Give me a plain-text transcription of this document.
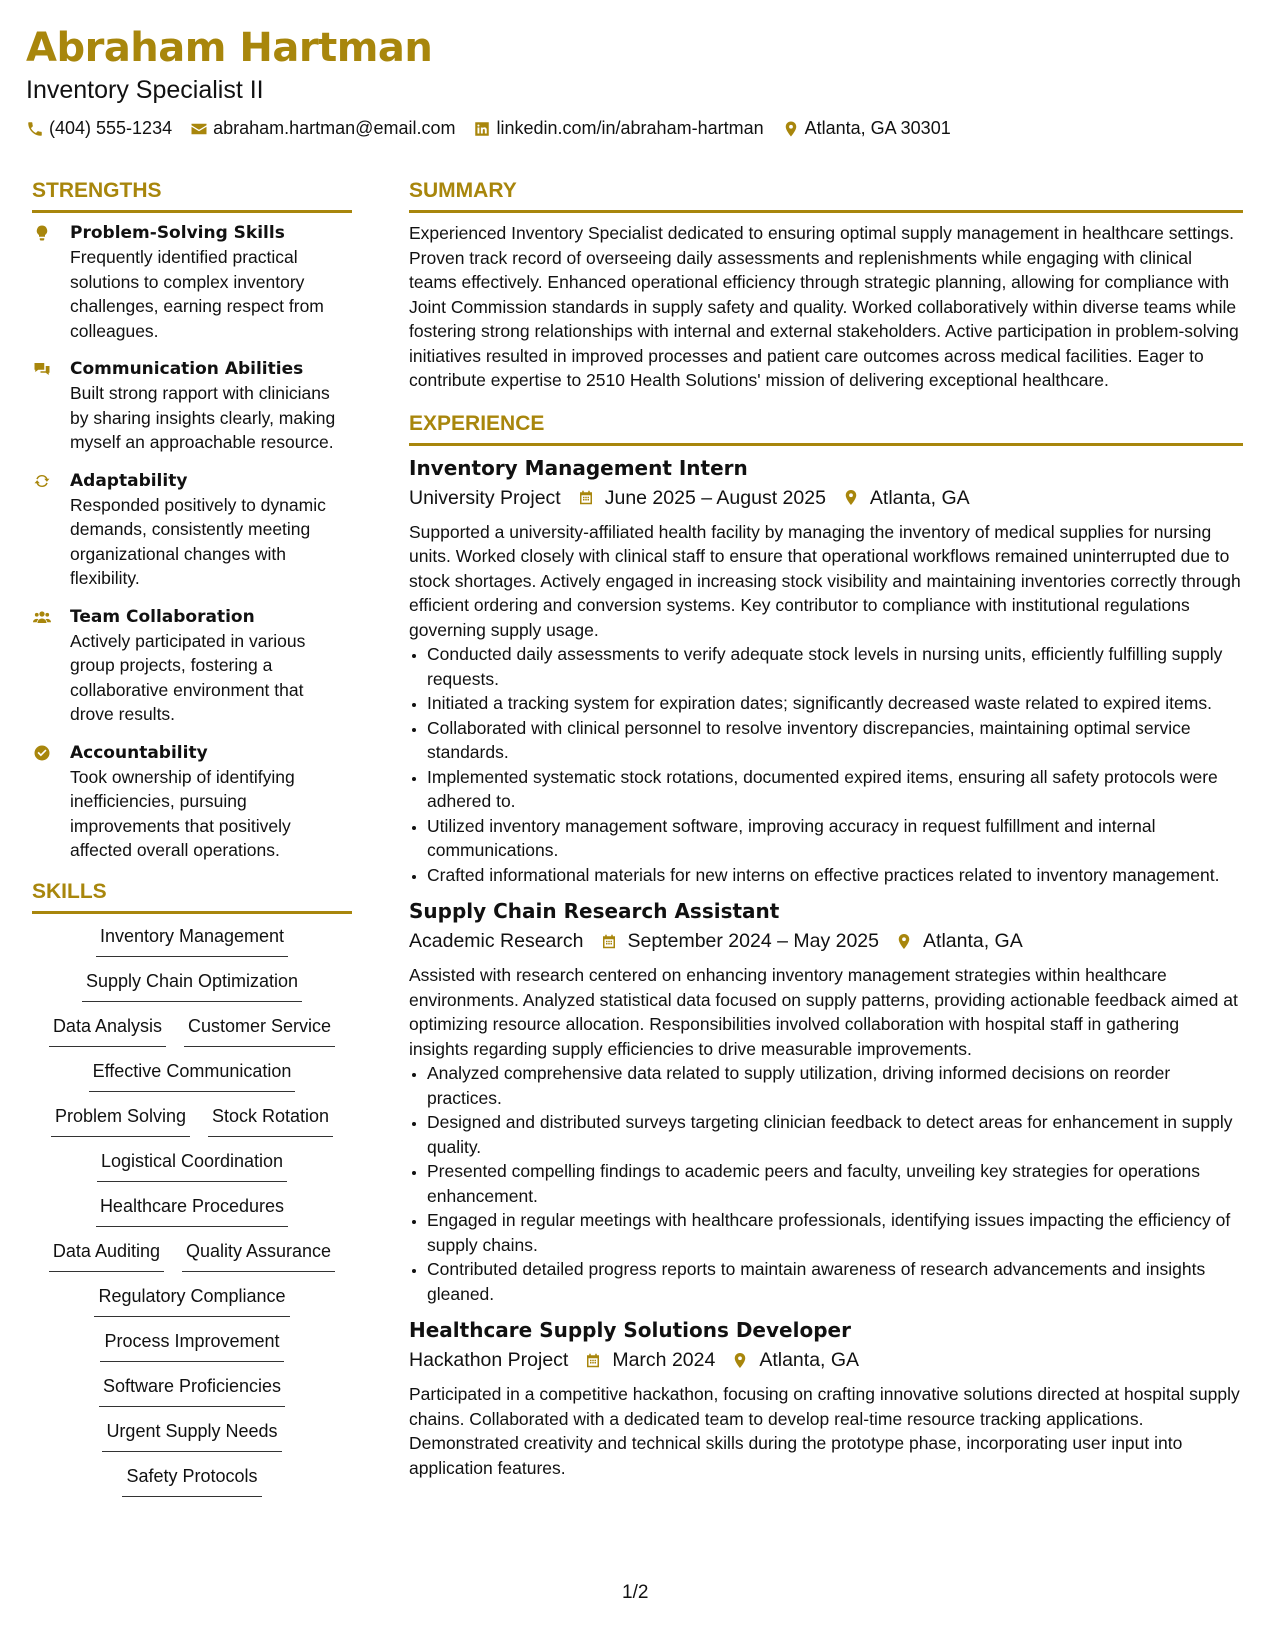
Abraham Hartman
Inventory Specialist II
(404) 555-1234 abraham.hartman@email.com linkedin.com/in/abraham-hartman Atlanta, GA 30301
STRENGTHS
Problem-Solving Skills
Frequently identified practical solutions to complex inventory challenges, earning respect from colleagues.
Communication Abilities
Built strong rapport with clinicians by sharing insights clearly, making myself an approachable resource.
Adaptability
Responded positively to dynamic demands, consistently meeting organizational changes with flexibility.
Team Collaboration
Actively participated in various group projects, fostering a collaborative environment that drove results.
Accountability
Took ownership of identifying inefficiencies, pursuing improvements that positively affected overall operations.
SKILLS
Inventory Management
Supply Chain Optimization
Data Analysis Customer Service
Effective Communication
Problem Solving Stock Rotation
Logistical Coordination
Healthcare Procedures
Data Auditing Quality Assurance
Regulatory Compliance
Process Improvement
Software Proficiencies
Urgent Supply Needs
Safety Protocols
SUMMARY
Experienced Inventory Specialist dedicated to ensuring optimal supply management in healthcare settings. Proven track record of overseeing daily assessments and replenishments while engaging with clinical teams effectively. Enhanced operational efficiency through strategic planning, allowing for compliance with Joint Commission standards in supply safety and quality. Worked collaboratively within diverse teams while fostering strong relationships with internal and external stakeholders. Active participation in problem-solving initiatives resulted in improved processes and patient care outcomes across medical facilities. Eager to contribute expertise to 2510 Health Solutions' mission of delivering exceptional healthcare.
EXPERIENCE
Inventory Management Intern
University Project June 2025 – August 2025 Atlanta, GA
Supported a university-affiliated health facility by managing the inventory of medical supplies for nursing units. Worked closely with clinical staff to ensure that operational workflows remained uninterrupted due to stock shortages. Actively engaged in increasing stock visibility and maintaining inventories correctly through efficient ordering and conversion systems. Key contributor to compliance with institutional regulations governing supply usage.
• Conducted daily assessments to verify adequate stock levels in nursing units, efficiently fulfilling supply requests.
• Initiated a tracking system for expiration dates; significantly decreased waste related to expired items.
• Collaborated with clinical personnel to resolve inventory discrepancies, maintaining optimal service standards.
• Implemented systematic stock rotations, documented expired items, ensuring all safety protocols were adhered to.
• Utilized inventory management software, improving accuracy in request fulfillment and internal communications.
• Crafted informational materials for new interns on effective practices related to inventory management.
Supply Chain Research Assistant
Academic Research September 2024 – May 2025 Atlanta, GA
Assisted with research centered on enhancing inventory management strategies within healthcare environments. Analyzed statistical data focused on supply patterns, providing actionable feedback aimed at optimizing resource allocation. Responsibilities involved collaboration with hospital staff in gathering insights regarding supply efficiencies to drive measurable improvements.
• Analyzed comprehensive data related to supply utilization, driving informed decisions on reorder practices.
• Designed and distributed surveys targeting clinician feedback to detect areas for enhancement in supply quality.
• Presented compelling findings to academic peers and faculty, unveiling key strategies for operations enhancement.
• Engaged in regular meetings with healthcare professionals, identifying issues impacting the efficiency of supply chains.
• Contributed detailed progress reports to maintain awareness of research advancements and insights gleaned.
Healthcare Supply Solutions Developer
Hackathon Project March 2024 Atlanta, GA
Participated in a competitive hackathon, focusing on crafting innovative solutions directed at hospital supply chains. Collaborated with a dedicated team to develop real-time resource tracking applications. Demonstrated creativity and technical skills during the prototype phase, incorporating user input into application features.
1/2
